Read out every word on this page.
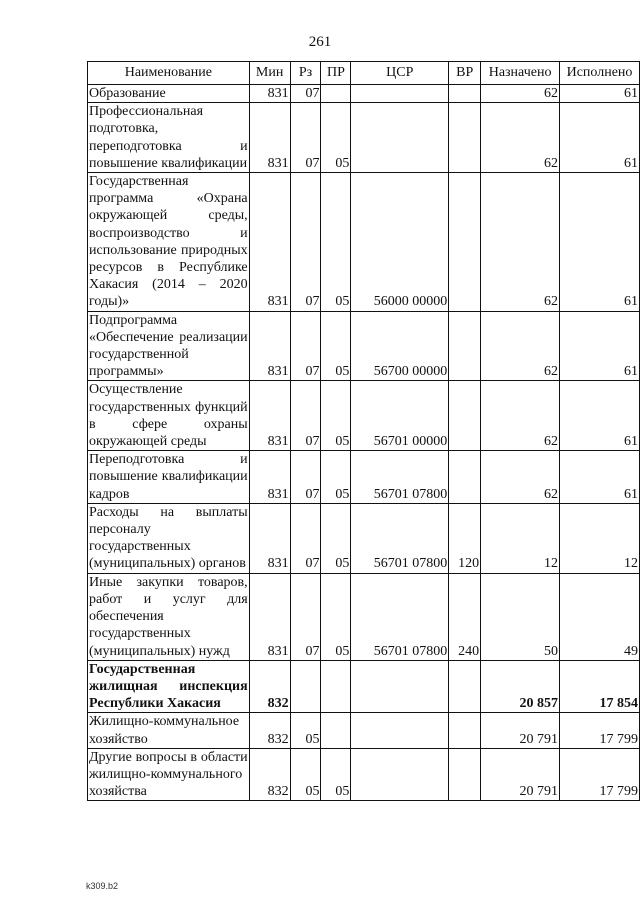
261
Наименование	Мин	Рз	ПР	ЦСР	ВР	Назначено	Исполнено
Образование	831	07				62	61
Профессиональная подготовка, переподготовка и повышение квалификации	831	07	05			62	61
Государственная программа «Охрана окружающей среды, воспроизводство и использование природных ресурсов в Республике Хакасия (2014 – 2020 годы)»	831	07	05	56000 00000		62	61
Подпрограмма «Обеспечение реализации государственной программы»	831	07	05	56700 00000		62	61
Осуществление государственных функций в сфере охраны окружающей среды	831	07	05	56701 00000		62	61
Переподготовка и повышение квалификации кадров	831	07	05	56701 07800		62	61
Расходы на выплаты персоналу государственных (муниципальных) органов	831	07	05	56701 07800	120	12	12
Иные закупки товаров, работ и услуг для обеспечения государственных (муниципальных) нужд	831	07	05	56701 07800	240	50	49
Государственная жилищная инспекция Республики Хакасия	832					20 857	17 854
Жилищно-коммунальное хозяйство	832	05				20 791	17 799
Другие вопросы в области жилищно-коммунального хозяйства	832	05	05			20 791	17 799
k309.b2
